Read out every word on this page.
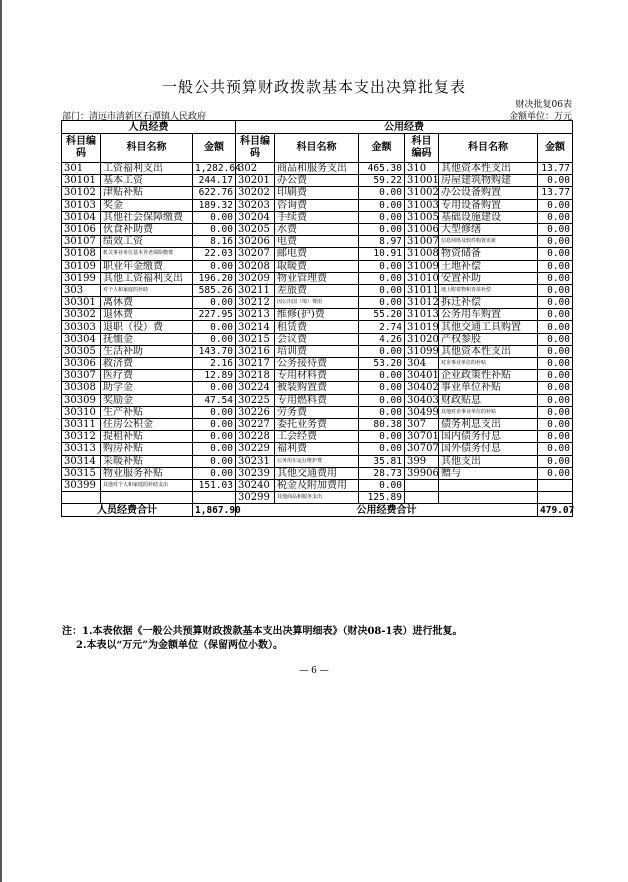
一般公共预算财政拨款基本支出决算批复表
财决批复06表
部门：清远市清新区石潭镇人民政府	金额单位：万元
人员经费			公用经费					
科目编码	科目名称	金额	科目编码	科目名称	金额	科目编码	科目名称	金额
301	工资福利支出	1,282.64	302	商品和服务支出	465.30	310	其他资本性支出	13.77
30101	基本工资	244.17	30201	办公费	59.22	31001	房屋建筑物购建	0.00
30102	津贴补贴	622.76	30202	印刷费	0.00	31002	办公设备购置	13.77
30103	奖金	189.32	30203	咨询费	0.00	31003	专用设备购置	0.00
30104	其他社会保障缴费	0.00	30204	手续费	0.00	31005	基础设施建设	0.00
30106	伙食补助费	0.00	30205	水费	0.00	31006	大型修缮	0.00
30107	绩效工资	8.16	30206	电费	8.97	31007	信息网络及软件购置更新	0.00
30108	机关事业单位基本养老保险缴费	22.03	30207	邮电费	10.91	31008	物资储备	0.00
30109	职业年金缴费	0.00	30208	取暖费	0.00	31009	土地补偿	0.00
30199	其他工资福利支出	196.20	30209	物业管理费	0.00	31010	安置补助	0.00
303	对个人和家庭的补助	585.26	30211	差旅费	0.00	31011	地上附着物和青苗补偿	0.00
30301	离休费	0.00	30212	因公出国（境）费用	0.00	31012	拆迁补偿	0.00
30302	退休费	227.95	30213	维修(护)费	55.20	31013	公务用车购置	0.00
30303	退职（役）费	0.00	30214	租赁费	2.74	31019	其他交通工具购置	0.00
30304	抚恤金	0.00	30215	会议费	4.26	31020	产权参股	0.00
30305	生活补助	143.70	30216	培训费	0.00	31099	其他资本性支出	0.00
30306	救济费	2.16	30217	公务接待费	53.20	304	对企事业单位的补贴	0.00
30307	医疗费	12.89	30218	专用材料费	0.00	30401	企业政策性补贴	0.00
30308	助学金	0.00	30224	被装购置费	0.00	30402	事业单位补贴	0.00
30309	奖励金	47.54	30225	专用燃料费	0.00	30403	财政贴息	0.00
30310	生产补贴	0.00	30226	劳务费	0.00	30499	其他对企事业单位的补贴	0.00
30311	住房公积金	0.00	30227	委托业务费	80.38	307	债务利息支出	0.00
30312	提租补贴	0.00	30228	工会经费	0.00	30701	国内债务付息	0.00
30313	购房补贴	0.00	30229	福利费	0.00	30707	国外债务付息	0.00
30314	采暖补贴	0.00	30231	公务用车运行维护费	35.81	399	其他支出	0.00
30315	物业服务补贴	0.00	30239	其他交通费用	28.73	39906	赠与	0.00
30399	其他对个人和家庭的补助支出	151.03	30240	税金及附加费用	0.00			
			30299	其他商品和服务支出	125.89			
人员经费合计		1,867.90	公用经费合计					479.07
注：1.本表依据《一般公共预算财政拨款基本支出决算明细表》（财决08-1表）进行批复。
2.本表以“万元”为金额单位（保留两位小数）。
— 6 —
